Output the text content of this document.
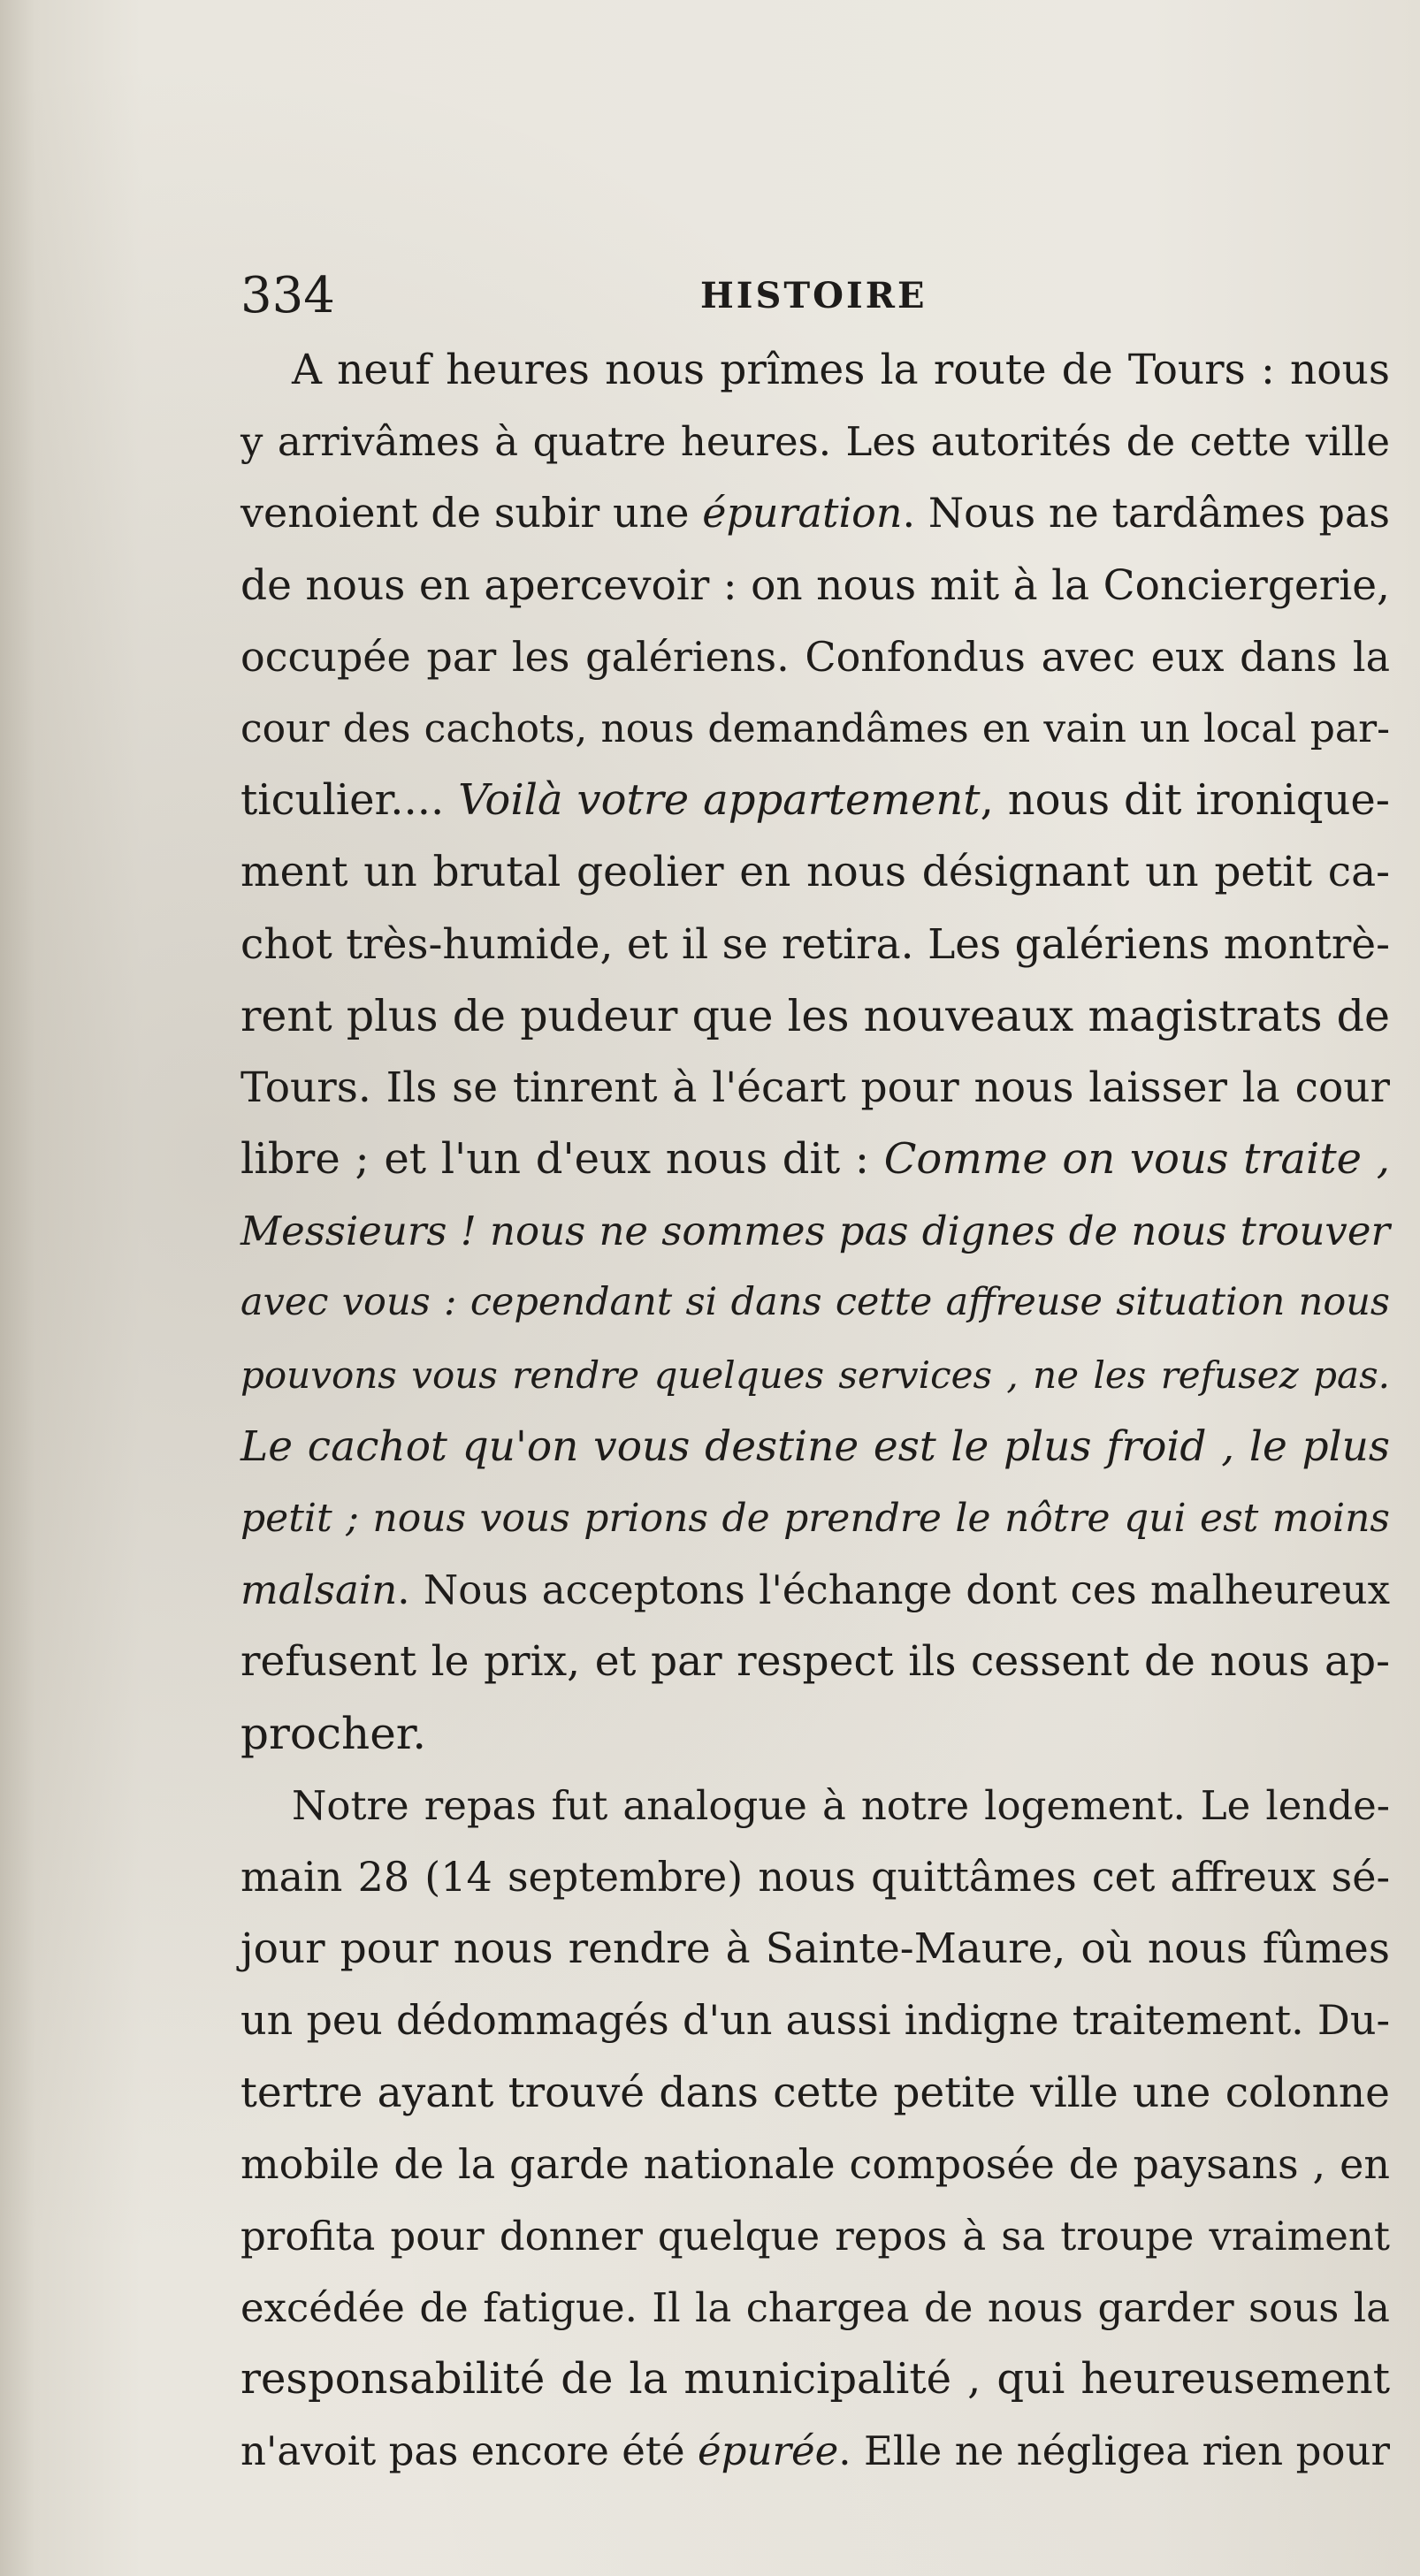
334	HISTOIRE
A neuf heures nous prîmes la route de Tours : nous
y arrivâmes à quatre heures. Les autorités de cette ville
venoient de subir une épuration. Nous ne tardâmes pas
de nous en apercevoir : on nous mit à la Conciergerie,
occupée par les galériens. Confondus avec eux dans la
cour des cachots, nous demandâmes en vain un local par-
ticulier.... Voilà votre appartement, nous dit ironique-
ment un brutal geolier en nous désignant un petit ca-
chot très-humide, et il se retira. Les galériens montrè-
rent plus de pudeur que les nouveaux magistrats de
Tours. Ils se tinrent à l'écart pour nous laisser la cour
libre ; et l'un d'eux nous dit : Comme on vous traite ,
Messieurs ! nous ne sommes pas dignes de nous trouver
avec vous : cependant si dans cette affreuse situation nous
pouvons vous rendre quelques services , ne les refusez pas.
Le cachot qu'on vous destine est le plus froid , le plus
petit ; nous vous prions de prendre le nôtre qui est moins
malsain. Nous acceptons l'échange dont ces malheureux
refusent le prix, et par respect ils cessent de nous ap-
procher.
Notre repas fut analogue à notre logement. Le lende-
main 28 (14 septembre) nous quittâmes cet affreux sé-
jour pour nous rendre à Sainte-Maure, où nous fûmes
un peu dédommagés d'un aussi indigne traitement. Du-
tertre ayant trouvé dans cette petite ville une colonne
mobile de la garde nationale composée de paysans , en
profita pour donner quelque repos à sa troupe vraiment
excédée de fatigue. Il la chargea de nous garder sous la
responsabilité de la municipalité , qui heureusement
n'avoit pas encore été épurée. Elle ne négligea rien pour
